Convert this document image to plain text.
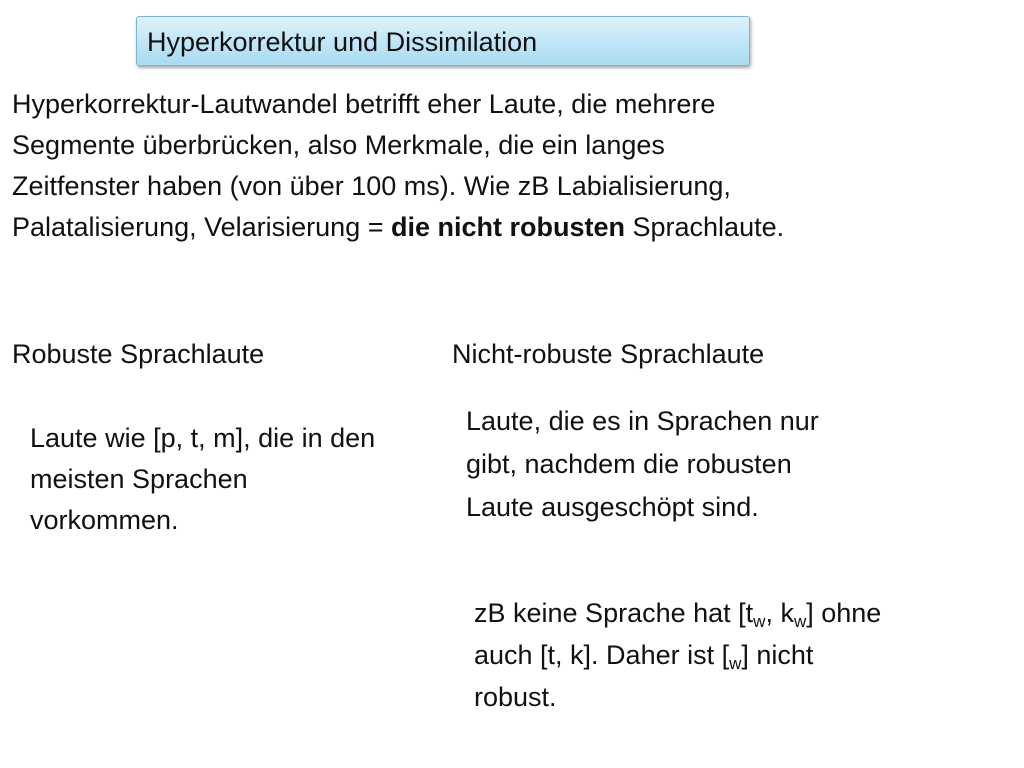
Hyperkorrektur und Dissimilation
Hyperkorrektur-Lautwandel betrifft eher Laute, die mehrere
Segmente überbrücken, also Merkmale, die ein langes
Zeitfenster haben (von über 100 ms). Wie zB Labialisierung,
Palatalisierung, Velarisierung = die nicht robusten Sprachlaute.
Robuste Sprachlaute	Nicht-robuste Sprachlaute
Laute wie [p, t, m], die in den
meisten Sprachen
vorkommen.
Laute, die es in Sprachen nur
gibt, nachdem die robusten
Laute ausgeschöpt sind.
zB keine Sprache hat [$t_w$, $k_w$] ohne
auch [t, k]. Daher ist $[_w]$ nicht
robust.
